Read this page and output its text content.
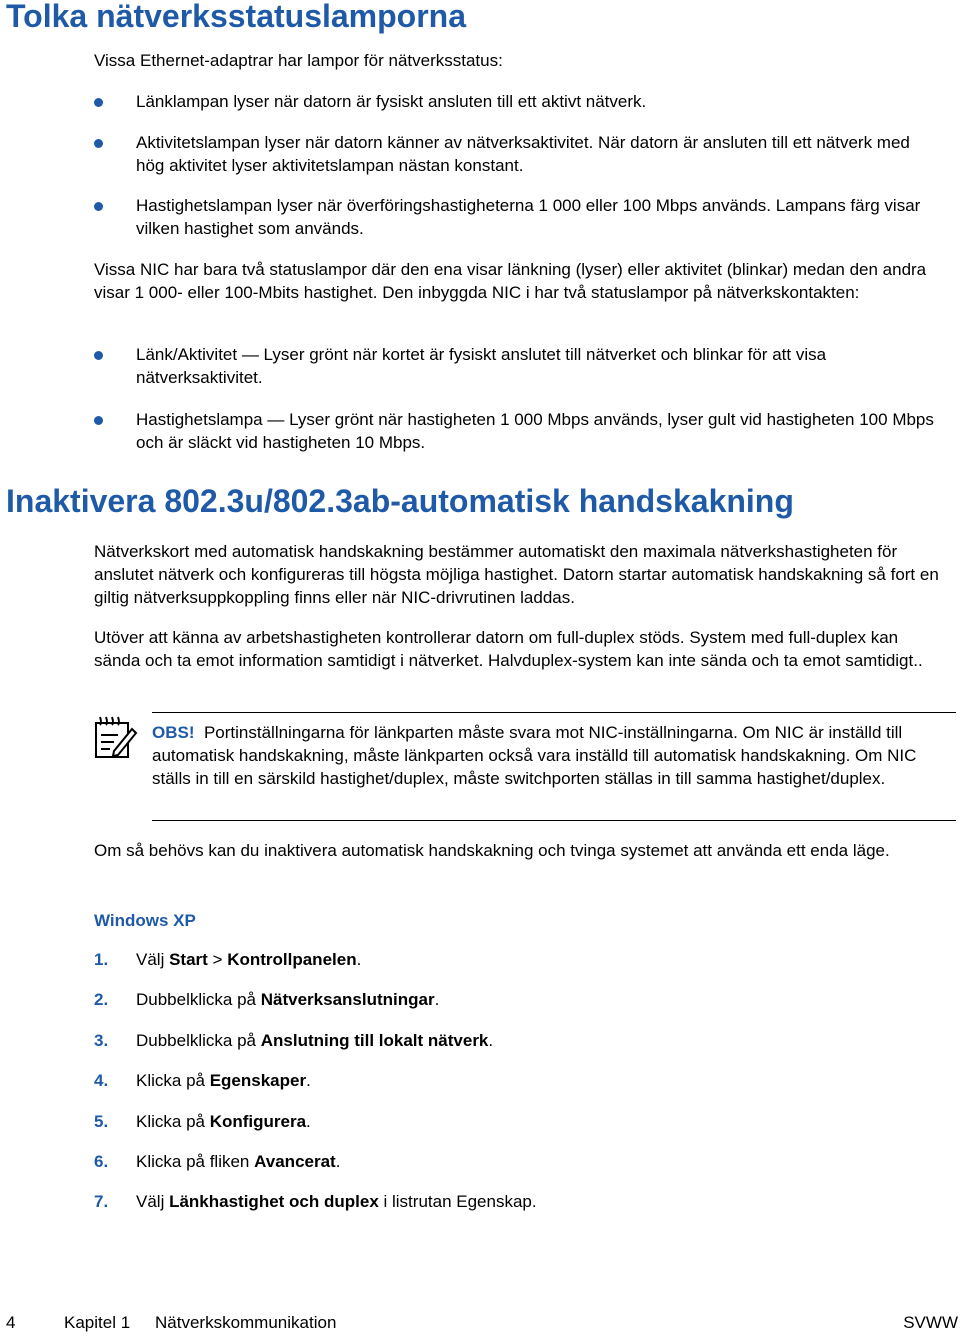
Tolka nätverksstatuslamporna

Vissa Ethernet-adaptrar har lampor för nätverksstatus:

Länklampan lyser när datorn är fysiskt ansluten till ett aktivt nätverk.

Aktivitetslampan lyser när datorn känner av nätverksaktivitet. När datorn är ansluten till ett nätverk med hög aktivitet lyser aktivitetslampan nästan konstant.

Hastighetslampan lyser när överföringshastigheterna 1 000 eller 100 Mbps används. Lampans färg visar vilken hastighet som används.

Vissa NIC har bara två statuslampor där den ena visar länkning (lyser) eller aktivitet (blinkar) medan den andra visar 1 000- eller 100-Mbits hastighet. Den inbyggda NIC i har två statuslampor på nätverkskontakten:

Länk/Aktivitet — Lyser grönt när kortet är fysiskt anslutet till nätverket och blinkar för att visa nätverksaktivitet.

Hastighetslampa — Lyser grönt när hastigheten 1 000 Mbps används, lyser gult vid hastigheten 100 Mbps och är släckt vid hastigheten 10 Mbps.

Inaktivera 802.3u/802.3ab-automatisk handskakning

Nätverkskort med automatisk handskakning bestämmer automatiskt den maximala nätverkshastigheten för anslutet nätverk och konfigureras till högsta möjliga hastighet. Datorn startar automatisk handskakning så fort en giltig nätverksuppkoppling finns eller när NIC-drivrutinen laddas.

Utöver att känna av arbetshastigheten kontrollerar datorn om full-duplex stöds. System med full-duplex kan sända och ta emot information samtidigt i nätverket. Halvduplex-system kan inte sända och ta emot samtidigt..

OBS! Portinställningarna för länkparten måste svara mot NIC-inställningarna. Om NIC är inställd till automatisk handskakning, måste länkparten också vara inställd till automatisk handskakning. Om NIC ställs in till en särskild hastighet/duplex, måste switchporten ställas in till samma hastighet/duplex.

Om så behövs kan du inaktivera automatisk handskakning och tvinga systemet att använda ett enda läge.

Windows XP
1. Välj Start > Kontrollpanelen.
2. Dubbelklicka på Nätverksanslutningar.
3. Dubbelklicka på Anslutning till lokalt nätverk.
4. Klicka på Egenskaper.
5. Klicka på Konfigurera.
6. Klicka på fliken Avancerat.
7. Välj Länkhastighet och duplex i listrutan Egenskap.
4	Kapitel 1 Nätverkskommunikation	SVWW
